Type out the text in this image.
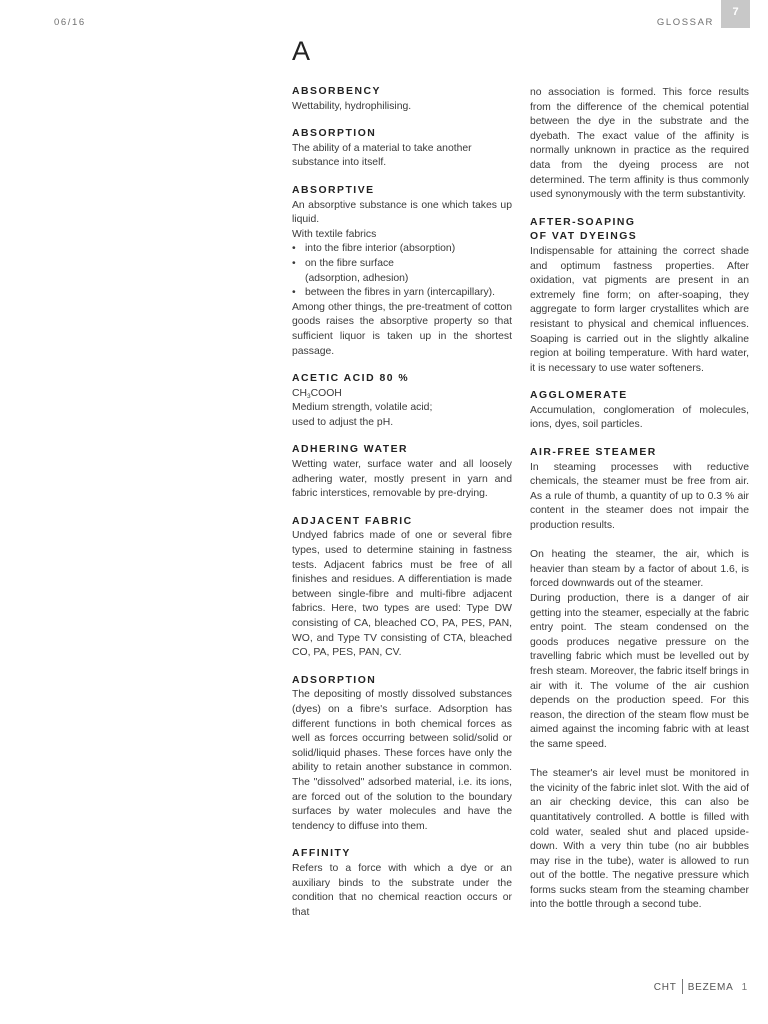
06/16	GLOSSAR
7
A
ABSORBENCY
Wettability, hydrophilising.
ABSORPTION
The ability of a material to take another substance into itself.
ABSORPTIVE
An absorptive substance is one which takes up liquid.
With textile fabrics
• into the fibre interior (absorption)
• on the fibre surface
(adsorption, adhesion)
• between the fibres in yarn (intercapillary).
Among other things, the pre-treatment of cotton goods raises the absorptive property so that sufficient liquor is taken up in the shortest passage.
ACETIC ACID 80 %
$CH_3COOH$
Medium strength, volatile acid;
used to adjust the pH.
ADHERING WATER
Wetting water, surface water and all loosely adhering water, mostly present in yarn and fabric interstices, removable by pre-drying.
ADJACENT FABRIC
Undyed fabrics made of one or several fibre types, used to determine staining in fastness tests. Adjacent fabrics must be free of all finishes and residues. A differentiation is made between single-fibre and multi-fibre adjacent fabrics. Here, two types are used: Type DW consisting of CA, bleached CO, PA, PES, PAN, WO, and Type TV consisting of CTA, bleached CO, PA, PES, PAN, CV.
ADSORPTION
The depositing of mostly dissolved substances (dyes) on a fibre's surface. Adsorption has different functions in both chemical forces as well as forces occurring between solid/solid or solid/liquid phases. These forces have only the ability to retain another substance in common. The "dissolved" adsorbed material, i.e. its ions, are forced out of the solution to the boundary surfaces by water molecules and have the tendency to diffuse into them.
AFFINITY
Refers to a force with which a dye or an auxiliary binds to the substrate under the condition that no chemical reaction occurs or that
no association is formed. This force results from the difference of the chemical potential between the dye in the substrate and the dyebath. The exact value of the affinity is normally unknown in practice as the required data from the dyeing process are not determined. The term affinity is thus commonly used synonymously with the term substantivity.
AFTER-SOAPING
OF VAT DYEINGS
Indispensable for attaining the correct shade and optimum fastness properties. After oxidation, vat pigments are present in an extremely fine form; on after-soaping, they aggregate to form larger crystallites which are resistant to physical and chemical influences. Soaping is carried out in the slightly alkaline region at boiling temperature. With hard water, it is necessary to use water softeners.
AGGLOMERATE
Accumulation, conglomeration of molecules, ions, dyes, soil particles.
AIR-FREE STEAMER
In steaming processes with reductive chemicals, the steamer must be free from air. As a rule of thumb, a quantity of up to 0.3 % air content in the steamer does not impair the production results.
On heating the steamer, the air, which is heavier than steam by a factor of about 1.6, is forced downwards out of the steamer.
During production, there is a danger of air getting into the steamer, especially at the fabric entry point. The steam condensed on the goods produces negative pressure on the travelling fabric which must be levelled out by fresh steam. Moreover, the fabric itself brings in air with it. The volume of the air cushion depends on the production speed. For this reason, the direction of the steam flow must be aimed against the incoming fabric with at least the same speed.
The steamer's air level must be monitored in the vicinity of the fabric inlet slot. With the aid of an air checking device, this can also be quantitatively controlled. A bottle is filled with cold water, sealed shut and placed upside-down. With a very thin tube (no air bubbles may rise in the tube), water is allowed to run out of the bottle. The negative pressure which forms sucks steam from the steaming chamber into the bottle through a second tube.
CHT BEZEMA 1
